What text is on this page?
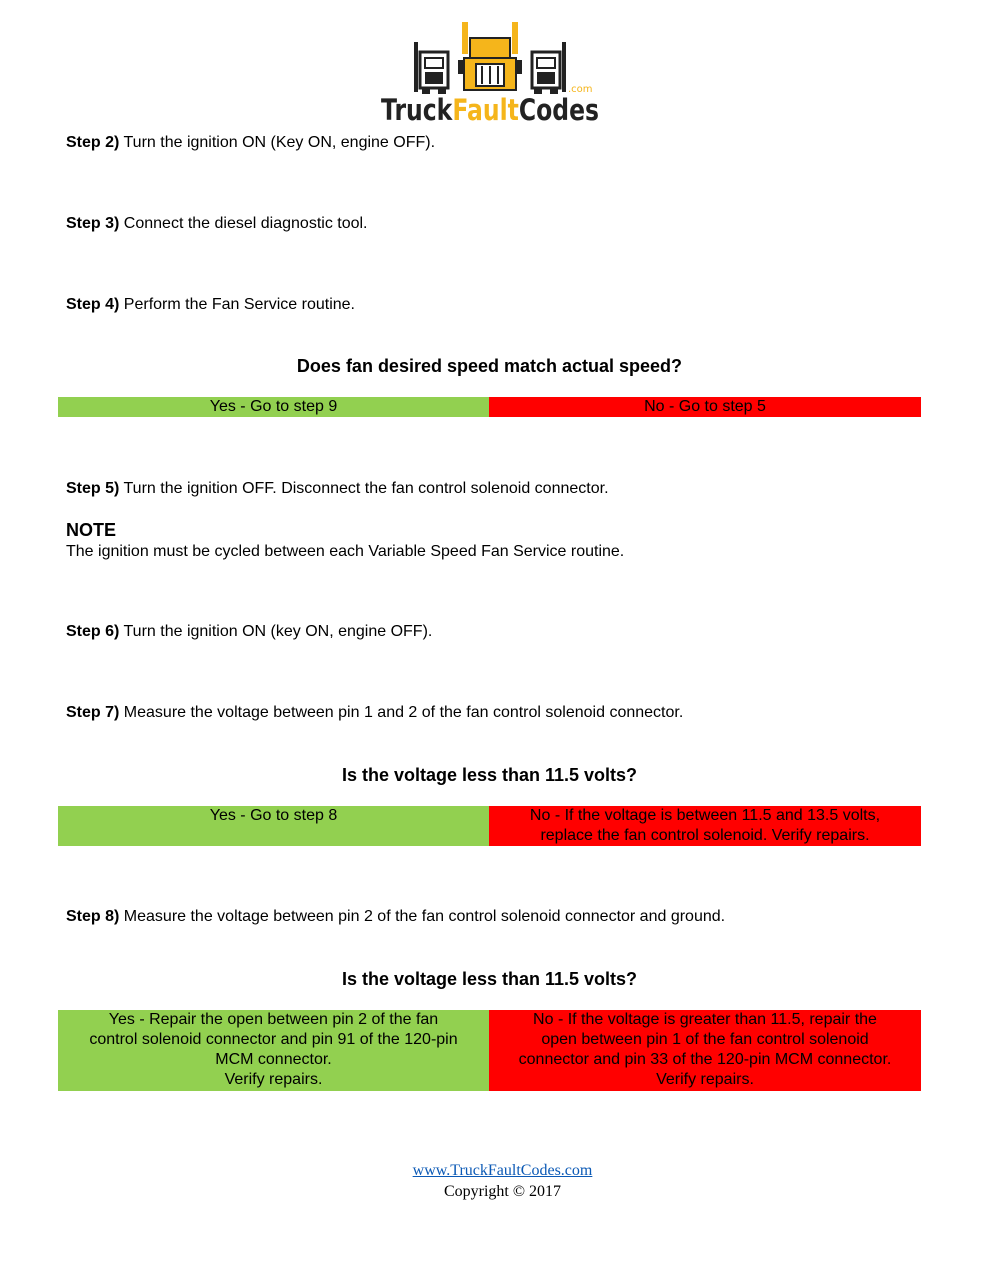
TruckFaultCodes
.com
Step 2) Turn the ignition ON (Key ON, engine OFF).
Step 3) Connect the diesel diagnostic tool.
Step 4) Perform the Fan Service routine.
Does fan desired speed match actual speed?
Yes - Go to step 9	No - Go to step 5
Step 5) Turn the ignition OFF. Disconnect the fan control solenoid connector.
NOTE
The ignition must be cycled between each Variable Speed Fan Service routine.
Step 6) Turn the ignition ON (key ON, engine OFF).
Step 7) Measure the voltage between pin 1 and 2 of the fan control solenoid connector.
Is the voltage less than 11.5 volts?
Yes - Go to step 8	No - If the voltage is between 11.5 and 13.5 volts,
replace the fan control solenoid. Verify repairs.
Step 8) Measure the voltage between pin 2 of the fan control solenoid connector and ground.
Is the voltage less than 11.5 volts?
Yes - Repair the open between pin 2 of the fan
control solenoid connector and pin 91 of the 120-pin
MCM connector.
Verify repairs.
No - If the voltage is greater than 11.5, repair the
open between pin 1 of the fan control solenoid
connector and pin 33 of the 120-pin MCM connector.
Verify repairs.
www.TruckFaultCodes.com
Copyright © 2017
